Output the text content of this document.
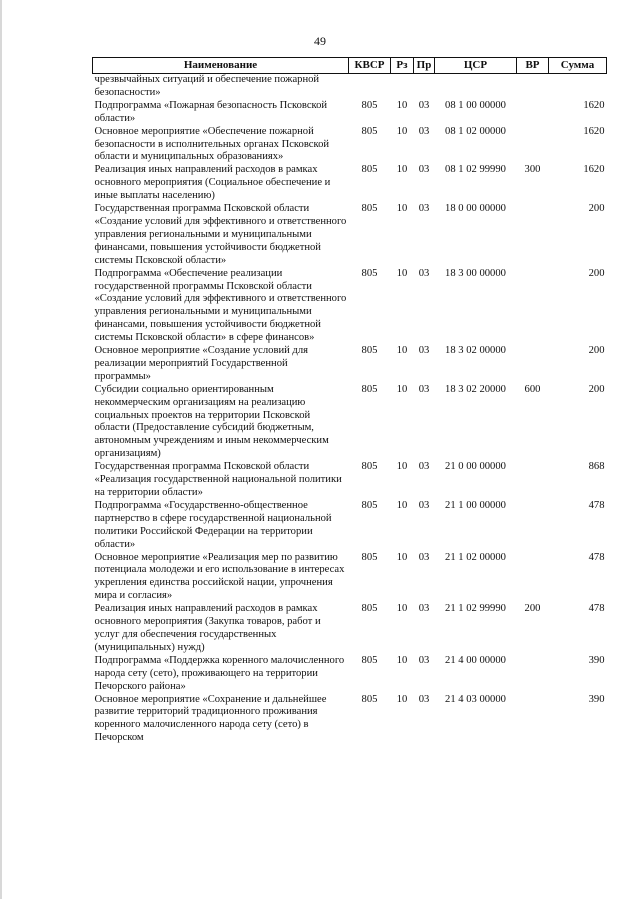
49
Наименование	КВСР	Рз	Пр	ЦСР	ВР	Сумма
чрезвычайных ситуаций и обеспечение пожарной безопасности»						
Подпрограмма «Пожарная безопасность Псковской области»	805	10	03	08 1 00 00000		1620
Основное мероприятие «Обеспечение пожарной безопасности в исполнительных органах Псковской области и муниципальных образованиях»	805	10	03	08 1 02 00000		1620
Реализация иных направлений расходов в рамках основного мероприятия (Социальное обеспечение и иные выплаты населению)	805	10	03	08 1 02 99990	300	1620
Государственная программа Псковской области «Создание условий для эффективного и ответственного управления региональными и муниципальными финансами, повышения устойчивости бюджетной системы Псковской области»	805	10	03	18 0 00 00000		200
Подпрограмма «Обеспечение реализации государственной программы Псковской области «Создание условий для эффективного и ответственного управления региональными и муниципальными финансами, повышения устойчивости бюджетной системы Псковской области» в сфере финансов»	805	10	03	18 3 00 00000		200
Основное мероприятие «Создание условий для реализации мероприятий Государственной программы»	805	10	03	18 3 02 00000		200
Субсидии социально ориентированным некоммерческим организациям на реализацию социальных проектов на территории Псковской области (Предоставление субсидий бюджетным, автономным учреждениям и иным некоммерческим организациям)	805	10	03	18 3 02 20000	600	200
Государственная программа Псковской области «Реализация государственной национальной политики на территории области»	805	10	03	21 0 00 00000		868
Подпрограмма «Государственно-общественное партнерство в сфере государственной национальной политики Российской Федерации на территории области»	805	10	03	21 1 00 00000		478
Основное мероприятие «Реализация мер по развитию потенциала молодежи и его использование в интересах укрепления единства российской нации, упрочнения мира и согласия»	805	10	03	21 1 02 00000		478
Реализация иных направлений расходов в рамках основного мероприятия (Закупка товаров, работ и услуг для обеспечения государственных (муниципальных) нужд)	805	10	03	21 1 02 99990	200	478
Подпрограмма «Поддержка коренного малочисленного народа сету (сето), проживающего на территории Печорского района»	805	10	03	21 4 00 00000		390
Основное мероприятие «Сохранение и дальнейшее развитие территорий традиционного проживания коренного малочисленного народа сету (сето) в Печорском	805	10	03	21 4 03 00000		390
